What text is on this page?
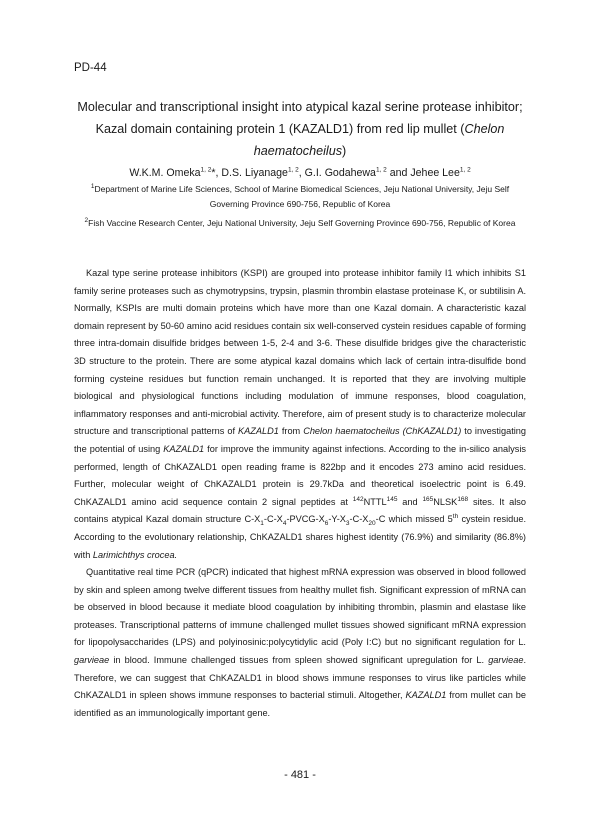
PD-44
Molecular and transcriptional insight into atypical kazal serine protease inhibitor;
Kazal domain containing protein 1 (KAZALD1) from red lip mullet (Chelon
haematocheilus)
W.K.M. Omeka$^{1, 2}$*, D.S. Liyanage$^{1, 2}$, G.I. Godahewa$^{1, 2}$ and Jehee Lee$^{1, 2}$
$^1$Department of Marine Life Sciences, School of Marine Biomedical Sciences, Jeju National University, Jeju Self Governing Province 690-756, Republic of Korea
$^2$Fish Vaccine Research Center, Jeju National University, Jeju Self Governing Province 690-756, Republic of Korea

Kazal type serine protease inhibitors (KSPI) are grouped into protease inhibitor family I1 which inhibits S1 family serine proteases such as chymotrypsins, trypsin, plasmin thrombin elastase proteinase K, or subtilisin A. Normally, KSPIs are multi domain proteins which have more than one Kazal domain. A characteristic kazal domain represent by 50-60 amino acid residues contain six well-conserved cystein residues capable of forming three intra-domain disulfide bridges between 1-5, 2-4 and 3-6. These disulfide bridges give the characteristic 3D structure to the protein. There are some atypical kazal domains which lack of certain intra-disulfide bond forming cysteine residues but function remain unchanged. It is reported that they are involving multiple biological and physiological functions including modulation of immune responses, blood coagulation, inflammatory responses and anti-microbial activity. Therefore, aim of present study is to characterize molecular structure and transcriptional patterns of KAZALD1 from Chelon haematocheilus (ChKAZALD1) to investigating the potential of using KAZALD1 for improve the immunity against infections. According to the in-silico analysis performed, length of ChKAZALD1 open reading frame is 822bp and it encodes 273 amino acid residues. Further, molecular weight of ChKAZALD1 protein is 29.7kDa and theoretical isoelectric point is 6.49. ChKAZALD1 amino acid sequence contain 2 signal peptides at $^{142}$NTTL$^{145}$ and $^{165}$NLSK$^{168}$ sites. It also contains atypical Kazal domain structure $C-X_1-C-X_4-PVCG-X_6-Y-X_3-C-X_{20}-C$ which missed 5th cystein residue. According to the evolutionary relationship, ChKAZALD1 shares highest identity (76.9%) and similarity (86.8%) with Larimichthys crocea.

Quantitative real time PCR (qPCR) indicated that highest mRNA expression was observed in blood followed by skin and spleen among twelve different tissues from healthy mullet fish. Significant expression of mRNA can be observed in blood because it mediate blood coagulation by inhibiting thrombin, plasmin and elastase like proteases. Transcriptional patterns of immune challenged mullet tissues showed significant mRNA expression for lipopolysaccharides (LPS) and polyinosinic:polycytidylic acid (Poly I:C) but no significant regulation for L. garvieae in blood. Immune challenged tissues from spleen showed significant upregulation for L. garvieae. Therefore, we can suggest that ChKAZALD1 in blood shows immune responses to virus like particles while ChKAZALD1 in spleen shows immune responses to bacterial stimuli. Altogether, KAZALD1 from mullet can be identified as an immunologically important gene.

- 481 -
